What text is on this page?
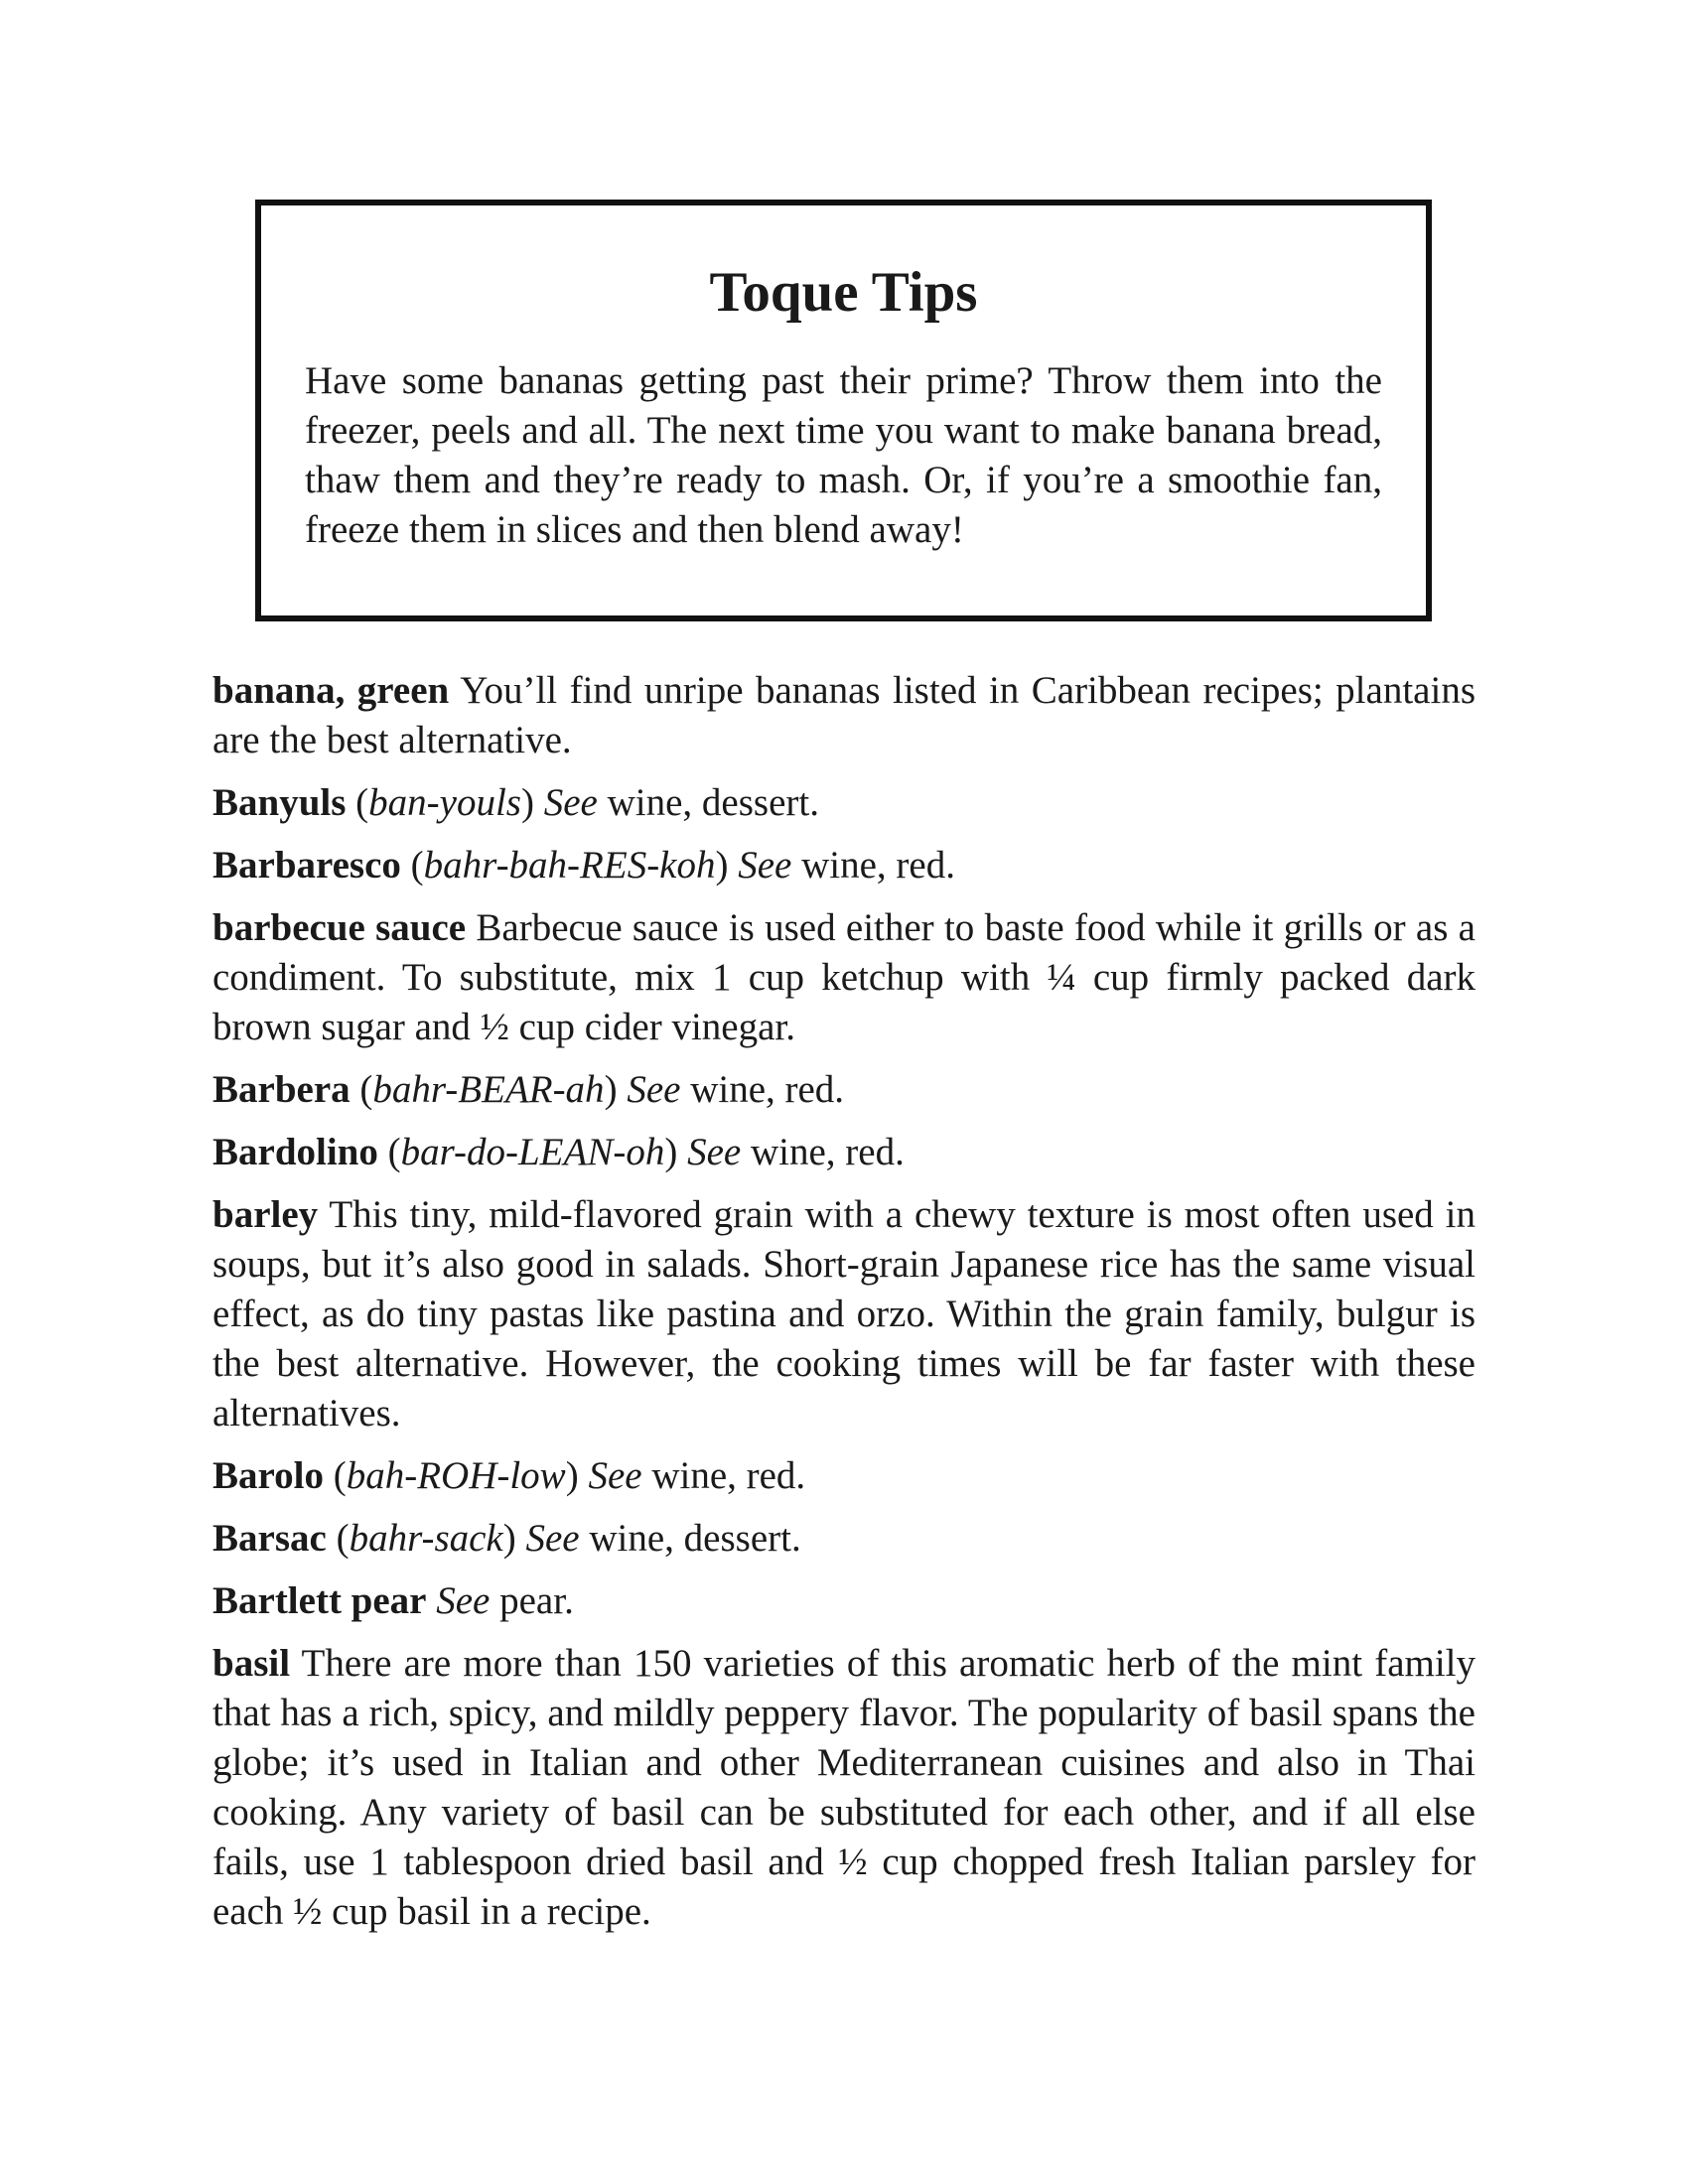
Toque Tips
Have some bananas getting past their prime? Throw them into the freezer, peels and all. The next time you want to make banana bread, thaw them and they’re ready to mash. Or, if you’re a smoothie fan, freeze them in slices and then blend away!
banana, green You’ll find unripe bananas listed in Caribbean recipes; plantains are the best alternative.
Banyuls (ban-youls) See wine, dessert.
Barbaresco (bahr-bah-RES-koh) See wine, red.
barbecue sauce Barbecue sauce is used either to baste food while it grills or as a condiment. To substitute, mix 1 cup ketchup with ¼ cup firmly packed dark brown sugar and ½ cup cider vinegar.
Barbera (bahr-BEAR-ah) See wine, red.
Bardolino (bar-do-LEAN-oh) See wine, red.
barley This tiny, mild-flavored grain with a chewy texture is most often used in soups, but it’s also good in salads. Short-grain Japanese rice has the same visual effect, as do tiny pastas like pastina and orzo. Within the grain family, bulgur is the best alternative. However, the cooking times will be far faster with these alternatives.
Barolo (bah-ROH-low) See wine, red.
Barsac (bahr-sack) See wine, dessert.
Bartlett pear See pear.
basil There are more than 150 varieties of this aromatic herb of the mint family that has a rich, spicy, and mildly peppery flavor. The popularity of basil spans the globe; it’s used in Italian and other Mediterranean cuisines and also in Thai cooking. Any variety of basil can be substituted for each other, and if all else fails, use 1 tablespoon dried basil and ½ cup chopped fresh Italian parsley for each ½ cup basil in a recipe.
